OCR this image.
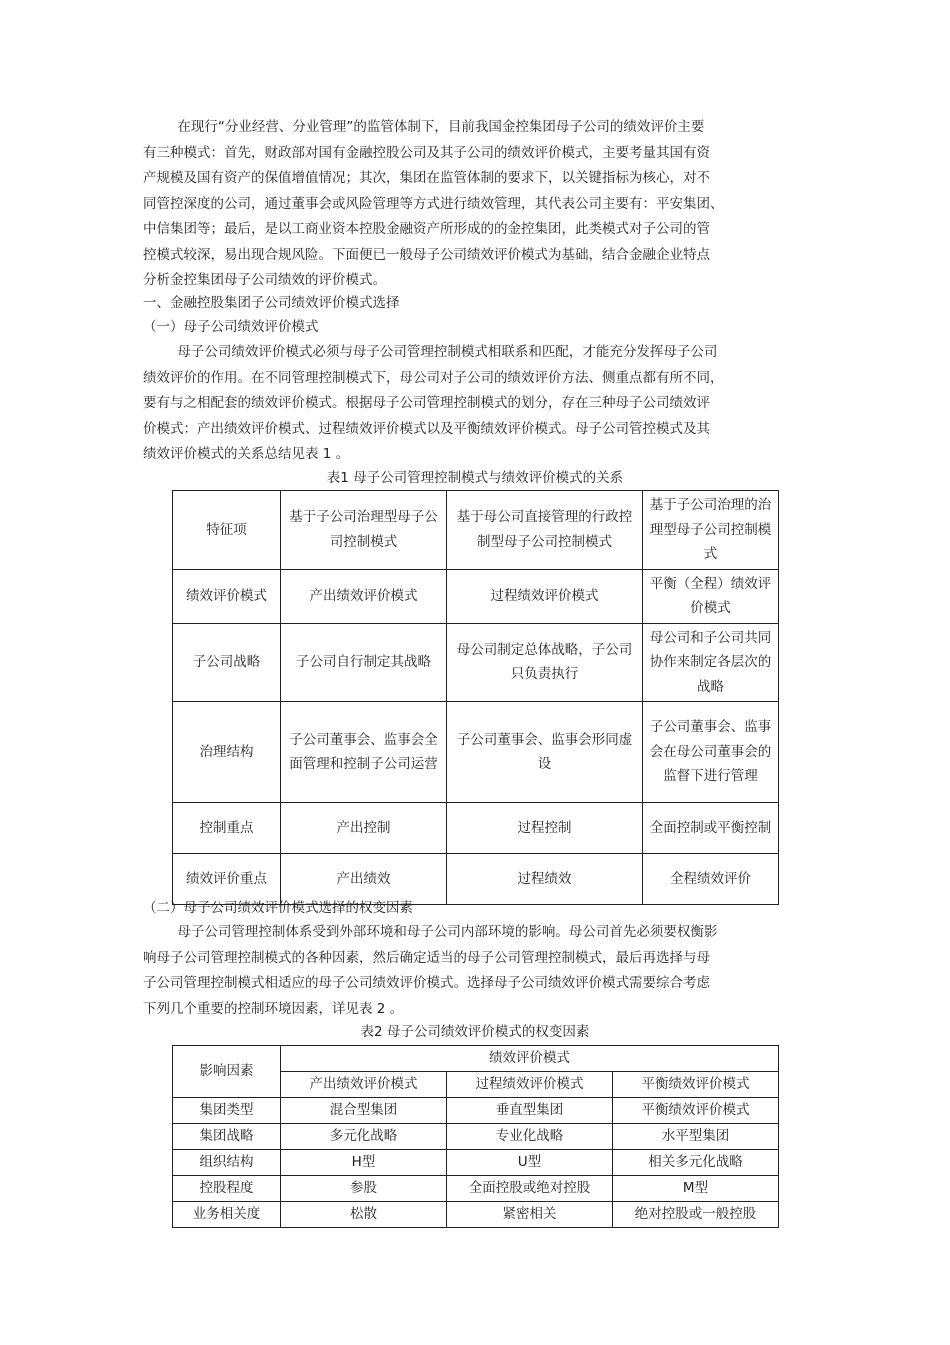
在现行“分业经营、分业管理”的监管体制下，目前我国金控集团母子公司的绩效评价主要
有三种模式：首先，财政部对国有金融控股公司及其子公司的绩效评价模式，主要考量其国有资
产规模及国有资产的保值增值情况；其次，集团在监管体制的要求下，以关键指标为核心，对不
同管控深度的公司，通过董事会或风险管理等方式进行绩效管理，其代表公司主要有：平安集团、
中信集团等；最后，是以工商业资本控股金融资产所形成的的金控集团，此类模式对子公司的管
控模式较深，易出现合规风险。下面便已一般母子公司绩效评价模式为基础，结合金融企业特点
分析金控集团母子公司绩效的评价模式。

一、金融控股集团子公司绩效评价模式选择

（一）母子公司绩效评价模式

母子公司绩效评价模式必须与母子公司管理控制模式相联系和匹配，才能充分发挥母子公司
绩效评价的作用。在不同管理控制模式下，母公司对子公司的绩效评价方法、侧重点都有所不同，
要有与之相配套的绩效评价模式。根据母子公司管理控制模式的划分，存在三种母子公司绩效评
价模式：产出绩效评价模式、过程绩效评价模式以及平衡绩效评价模式。母子公司管控模式及其
绩效评价模式的关系总结见表 1 。

表1 母子公司管理控制模式与绩效评价模式的关系

特征项	基于子公司治理型母子公司控制模式	基于母公司直接管理的行政控制型母子公司控制模式	基于子公司治理的治理型母子公司控制模式
绩效评价模式	产出绩效评价模式	过程绩效评价模式	平衡（全程）绩效评价模式
子公司战略	子公司自行制定其战略	母公司制定总体战略，子公司只负责执行	母公司和子公司共同协作来制定各层次的战略
治理结构	子公司董事会、监事会全面管理和控制子公司运营	子公司董事会、监事会形同虚设	子公司董事会、监事会在母公司董事会的监督下进行管理
控制重点	产出控制	过程控制	全面控制或平衡控制
绩效评价重点	产出绩效	过程绩效	全程绩效评价

（二）母子公司绩效评价模式选择的权变因素

母子公司管理控制体系受到外部环境和母子公司内部环境的影响。母公司首先必须要权衡影
响母子公司管理控制模式的各种因素，然后确定适当的母子公司管理控制模式，最后再选择与母
子公司管理控制模式相适应的母子公司绩效评价模式。选择母子公司绩效评价模式需要综合考虑
下列几个重要的控制环境因素，详见表 2 。

表2 母子公司绩效评价模式的权变因素

影响因素	绩效评价模式		
	产出绩效评价模式	过程绩效评价模式	平衡绩效评价模式
集团类型	混合型集团	垂直型集团	平衡绩效评价模式
集团战略	多元化战略	专业化战略	水平型集团
组织结构	H型	U型	相关多元化战略
控股程度	参股	全面控股或绝对控股	M型
业务相关度	松散	紧密相关	绝对控股或一般控股
